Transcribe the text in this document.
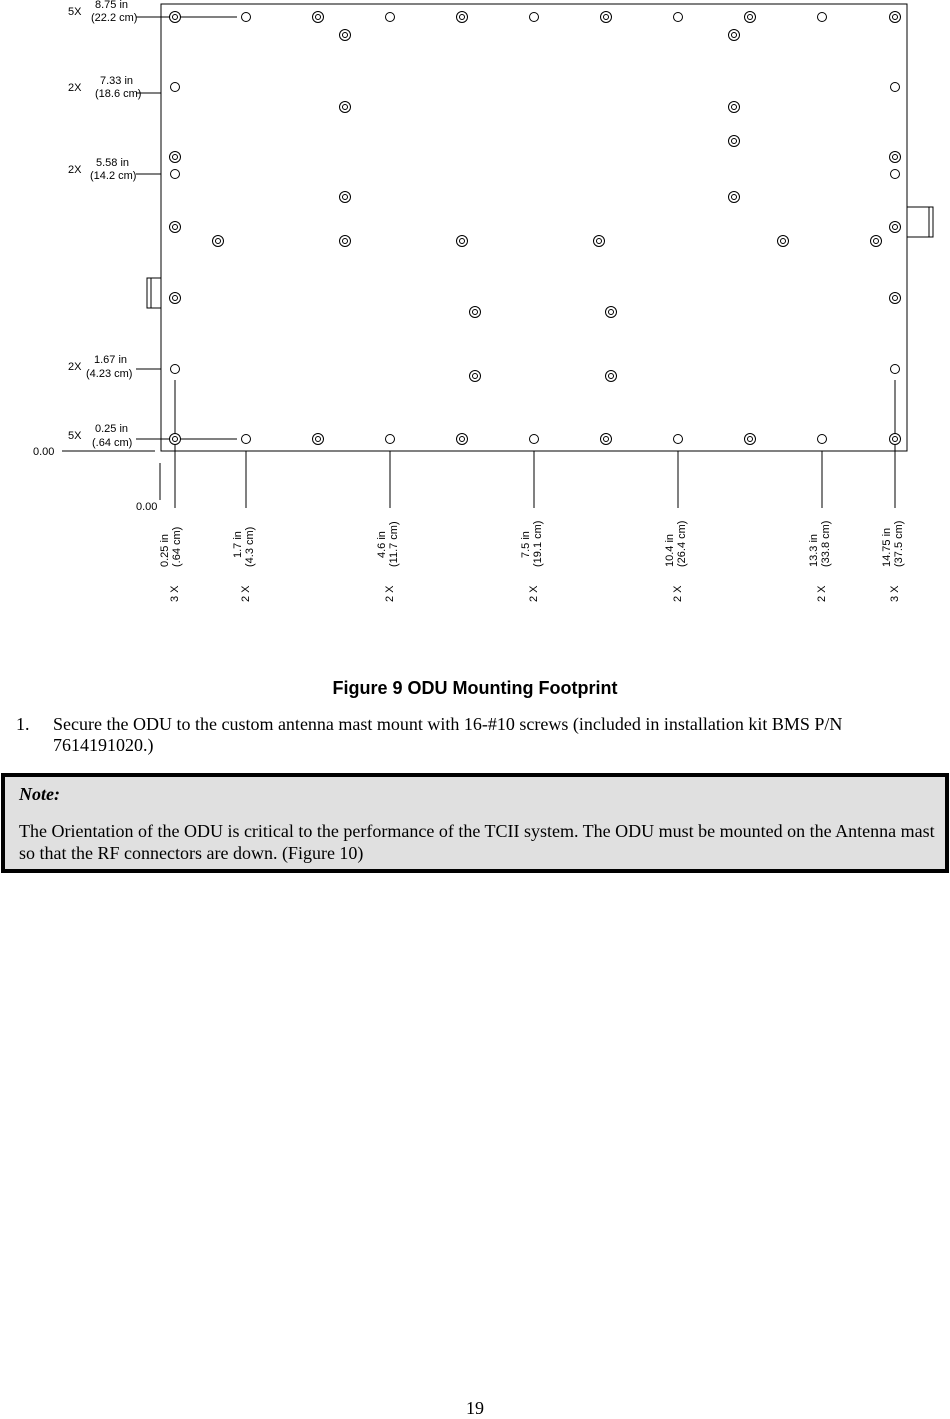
0.00
0.00
5X
8.75 in
(22.2 cm)
2X
7.33 in
(18.6 cm)
2X
5.58 in
(14.2 cm)
2X
1.67 in
(4.23 cm)
5X
0.25 in
(.64 cm)
3 X
0.25 in (.64 cm)
2 X
1.7 in (4.3 cm)
2 X
4.6 in (11.7 cm)
2 X
7.5 in (19.1 cm)
2 X
10.4 in (26.4 cm)
2 X
13.3 in (33.8 cm)
3 X
14.75 in (37.5 cm)
Figure 9 ODU Mounting Footprint
1. Secure the ODU to the custom antenna mast mount with 16-#10 screws (included in installation kit BMS P/N 7614191020.)
Note:
The Orientation of the ODU is critical to the performance of the TCII system. The ODU must be mounted on the Antenna mast so that the RF connectors are down. (Figure 10)
19
